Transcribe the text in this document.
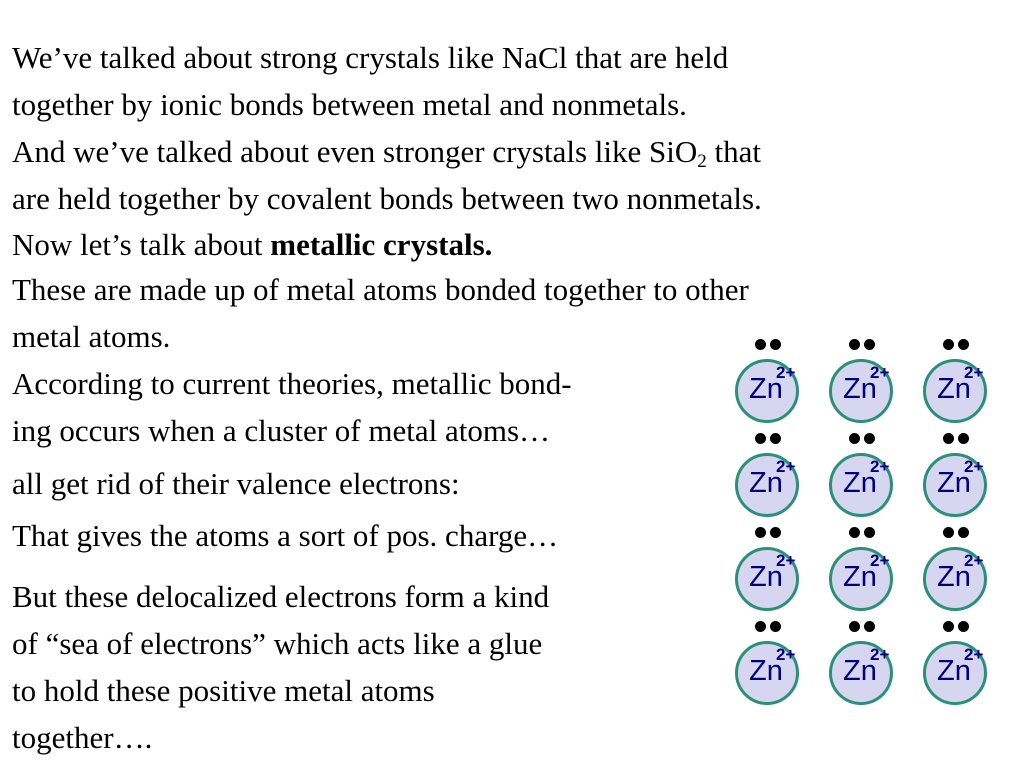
We’ve talked about strong crystals like NaCl that are held

together by ionic bonds between metal and nonmetals.

And we’ve talked about even stronger crystals like SiO$_2$ that

are held together by covalent bonds between two nonmetals.

Now let’s talk about metallic crystals.

These are made up of metal atoms bonded together to other

metal atoms.

According to current theories, metallic bond-

ing occurs when a cluster of metal atoms…

all get rid of their valence electrons:

That gives the atoms a sort of pos. charge…

But these delocalized electrons form a kind

of “sea of electrons” which acts like a glue

to hold these positive metal atoms

together….

Zn
2+
Zn
2+
Zn
2+
Zn
2+
Zn
2+
Zn
2+
Zn
2+
Zn
2+
Zn
2+
Zn
2+
Zn
2+
Zn
2+
